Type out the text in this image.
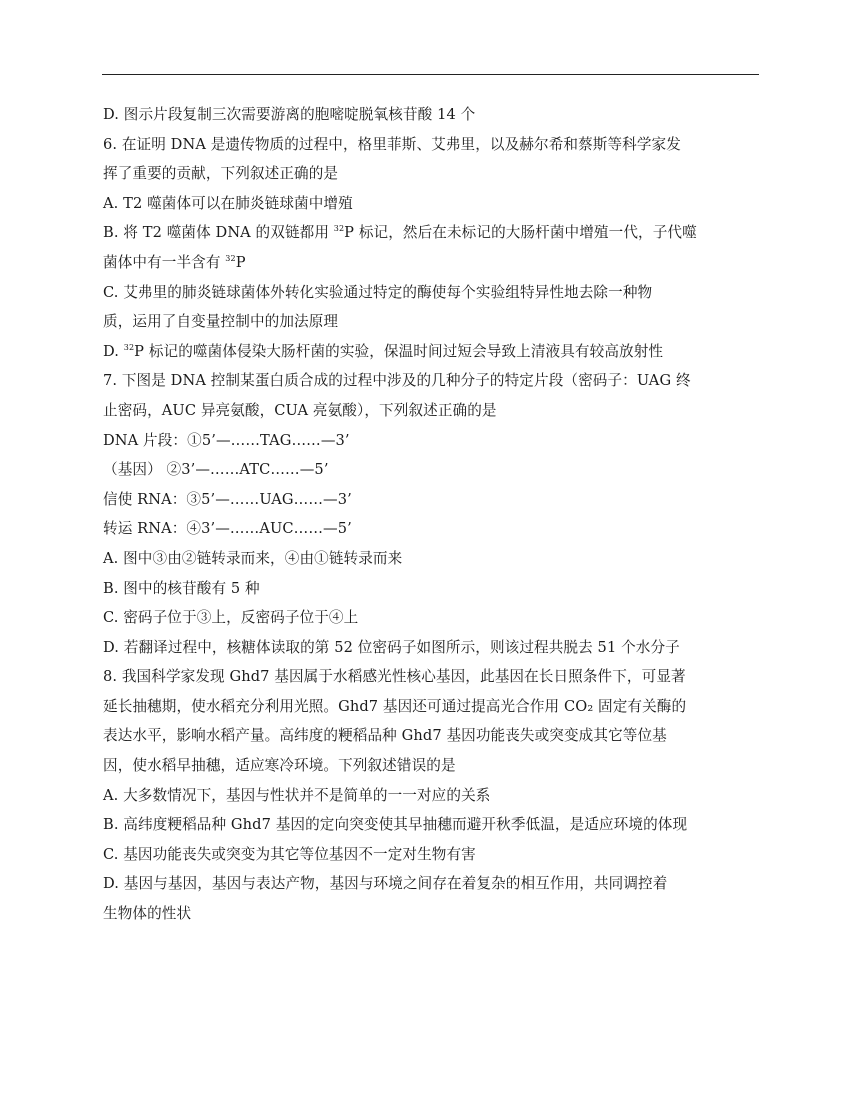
D. 图示片段复制三次需要游离的胞嘧啶脱氧核苷酸 14 个
6. 在证明 DNA 是遗传物质的过程中，格里菲斯、艾弗里，以及赫尔希和蔡斯等科学家发
挥了重要的贡献，下列叙述正确的是
A. T2 噬菌体可以在肺炎链球菌中增殖
B. 将 T2 噬菌体 DNA 的双链都用 $^{32}$P 标记，然后在未标记的大肠杆菌中增殖一代，子代噬
菌体中有一半含有 $^{32}$P
C. 艾弗里的肺炎链球菌体外转化实验通过特定的酶使每个实验组特异性地去除一种物
质，运用了自变量控制中的加法原理
D. $^{32}$P 标记的噬菌体侵染大肠杆菌的实验，保温时间过短会导致上清液具有较高放射性
7. 下图是 DNA 控制某蛋白质合成的过程中涉及的几种分子的特定片段（密码子：UAG 终
止密码，AUC 异亮氨酸，CUA 亮氨酸），下列叙述正确的是
DNA 片段：①5’—……TAG……—3’
（基因） ②3’—……ATC……—5’
信使 RNA：③5’—……UAG……—3’
转运 RNA：④3’—……AUC……—5’
A. 图中③由②链转录而来，④由①链转录而来
B. 图中的核苷酸有 5 种
C. 密码子位于③上，反密码子位于④上
D. 若翻译过程中，核糖体读取的第 52 位密码子如图所示，则该过程共脱去 51 个水分子
8. 我国科学家发现 Ghd7 基因属于水稻感光性核心基因，此基因在长日照条件下，可显著
延长抽穗期，使水稻充分利用光照。Ghd7 基因还可通过提高光合作用 CO₂ 固定有关酶的
表达水平，影响水稻产量。高纬度的粳稻品种 Ghd7 基因功能丧失或突变成其它等位基
因，使水稻早抽穗，适应寒冷环境。下列叙述错误的是
A. 大多数情况下，基因与性状并不是简单的一一对应的关系
B. 高纬度粳稻品种 Ghd7 基因的定向突变使其早抽穗而避开秋季低温，是适应环境的体现
C. 基因功能丧失或突变为其它等位基因不一定对生物有害
D. 基因与基因，基因与表达产物，基因与环境之间存在着复杂的相互作用，共同调控着
生物体的性状
